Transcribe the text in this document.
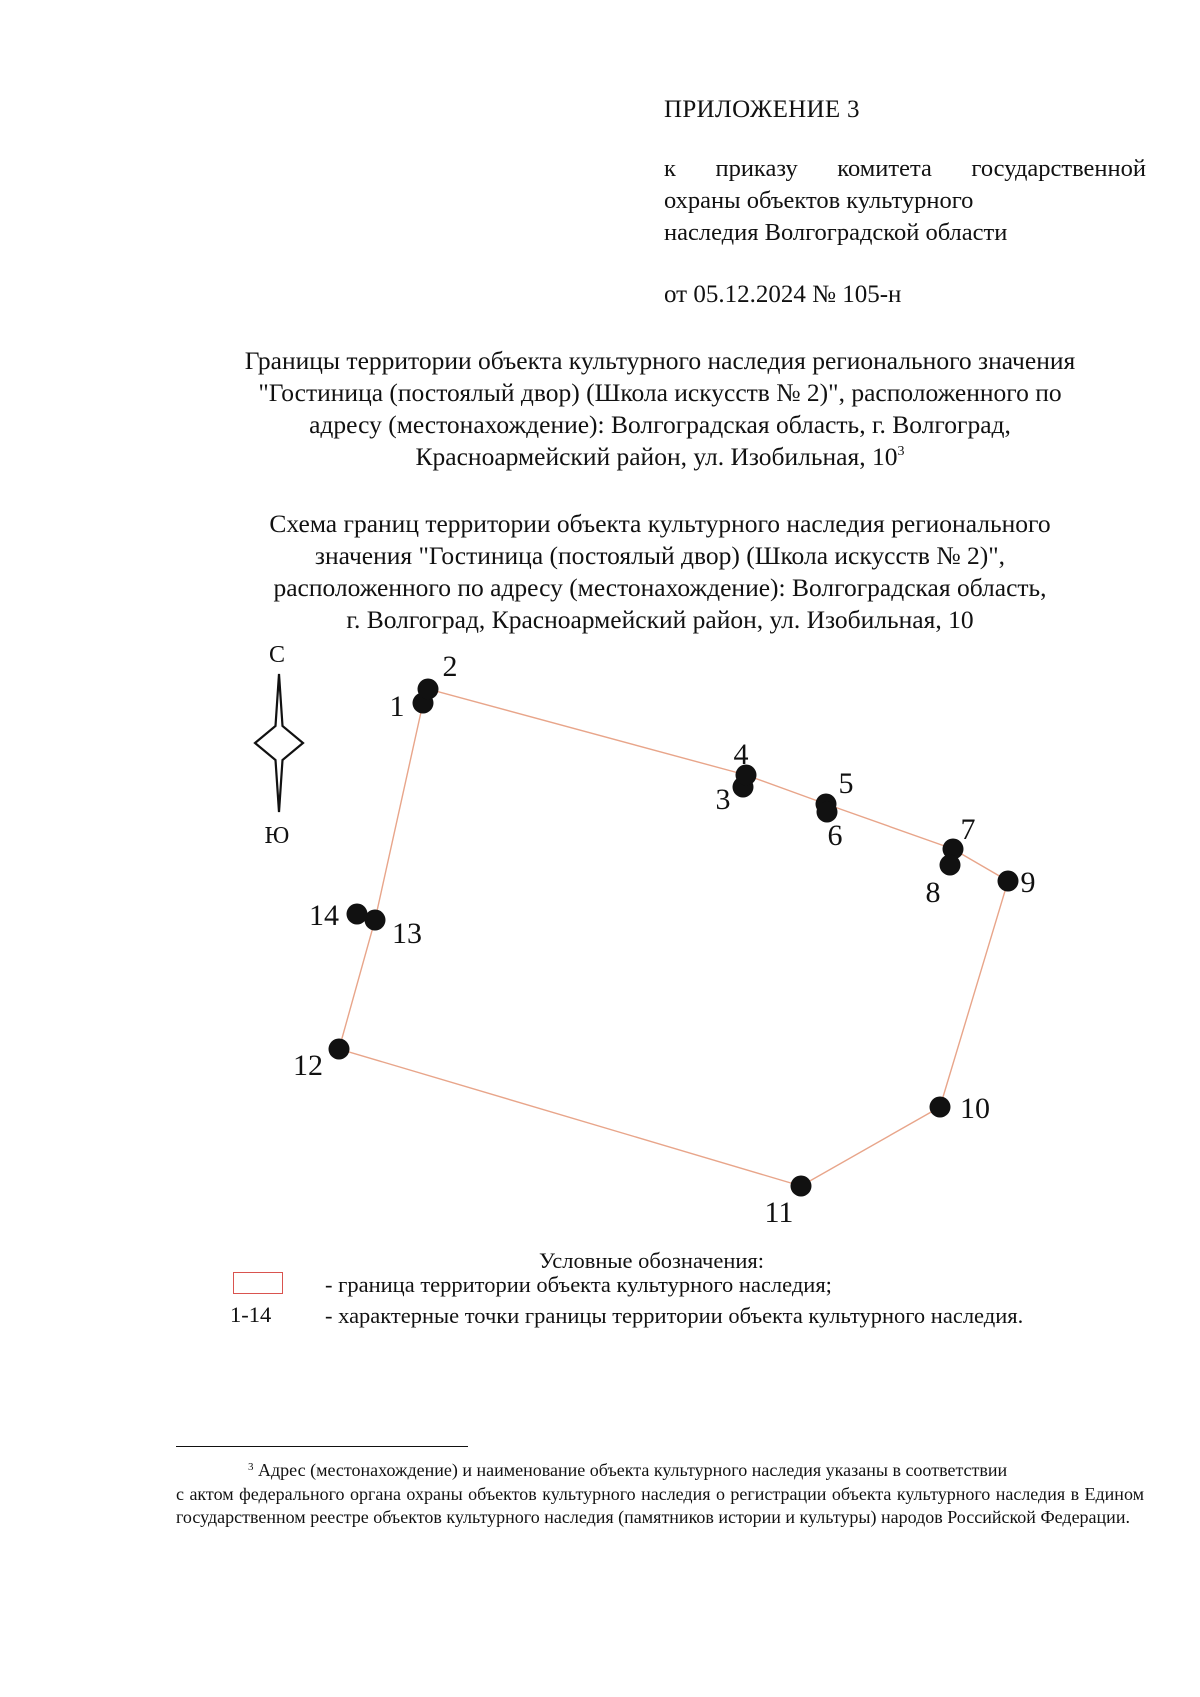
ПРИЛОЖЕНИЕ 3
к приказу комитета государственной
охраны объектов культурного
наследия Волгоградской области
от 05.12.2024 № 105-н
Границы территории объекта культурного наследия регионального значения
"Гостиница (постоялый двор) (Школа искусств № 2)", расположенного по
адресу (местонахождение): Волгоградская область, г. Волгоград,
Красноармейский район, ул. Изобильная, $10^3$
Схема границ территории объекта культурного наследия регионального
значения "Гостиница (постоялый двор) (Школа искусств № 2)",
расположенного по адресу (местонахождение): Волгоградская область,
г. Волгоград, Красноармейский район, ул. Изобильная, 10
С
Ю
1
2
3
4
5
6	7
8	9
10
11
12
13
14
Условные обозначения:
- граница территории объекта культурного наследия;
1-14 - характерные точки границы территории объекта культурного наследия.
$^3$ Адрес (местонахождение) и наименование объекта культурного наследия указаны в соответствии
с актом федерального органа охраны объектов культурного наследия о регистрации объекта культурного наследия в Едином государственном реестре объектов культурного наследия (памятников истории и культуры) народов Российской Федерации.
